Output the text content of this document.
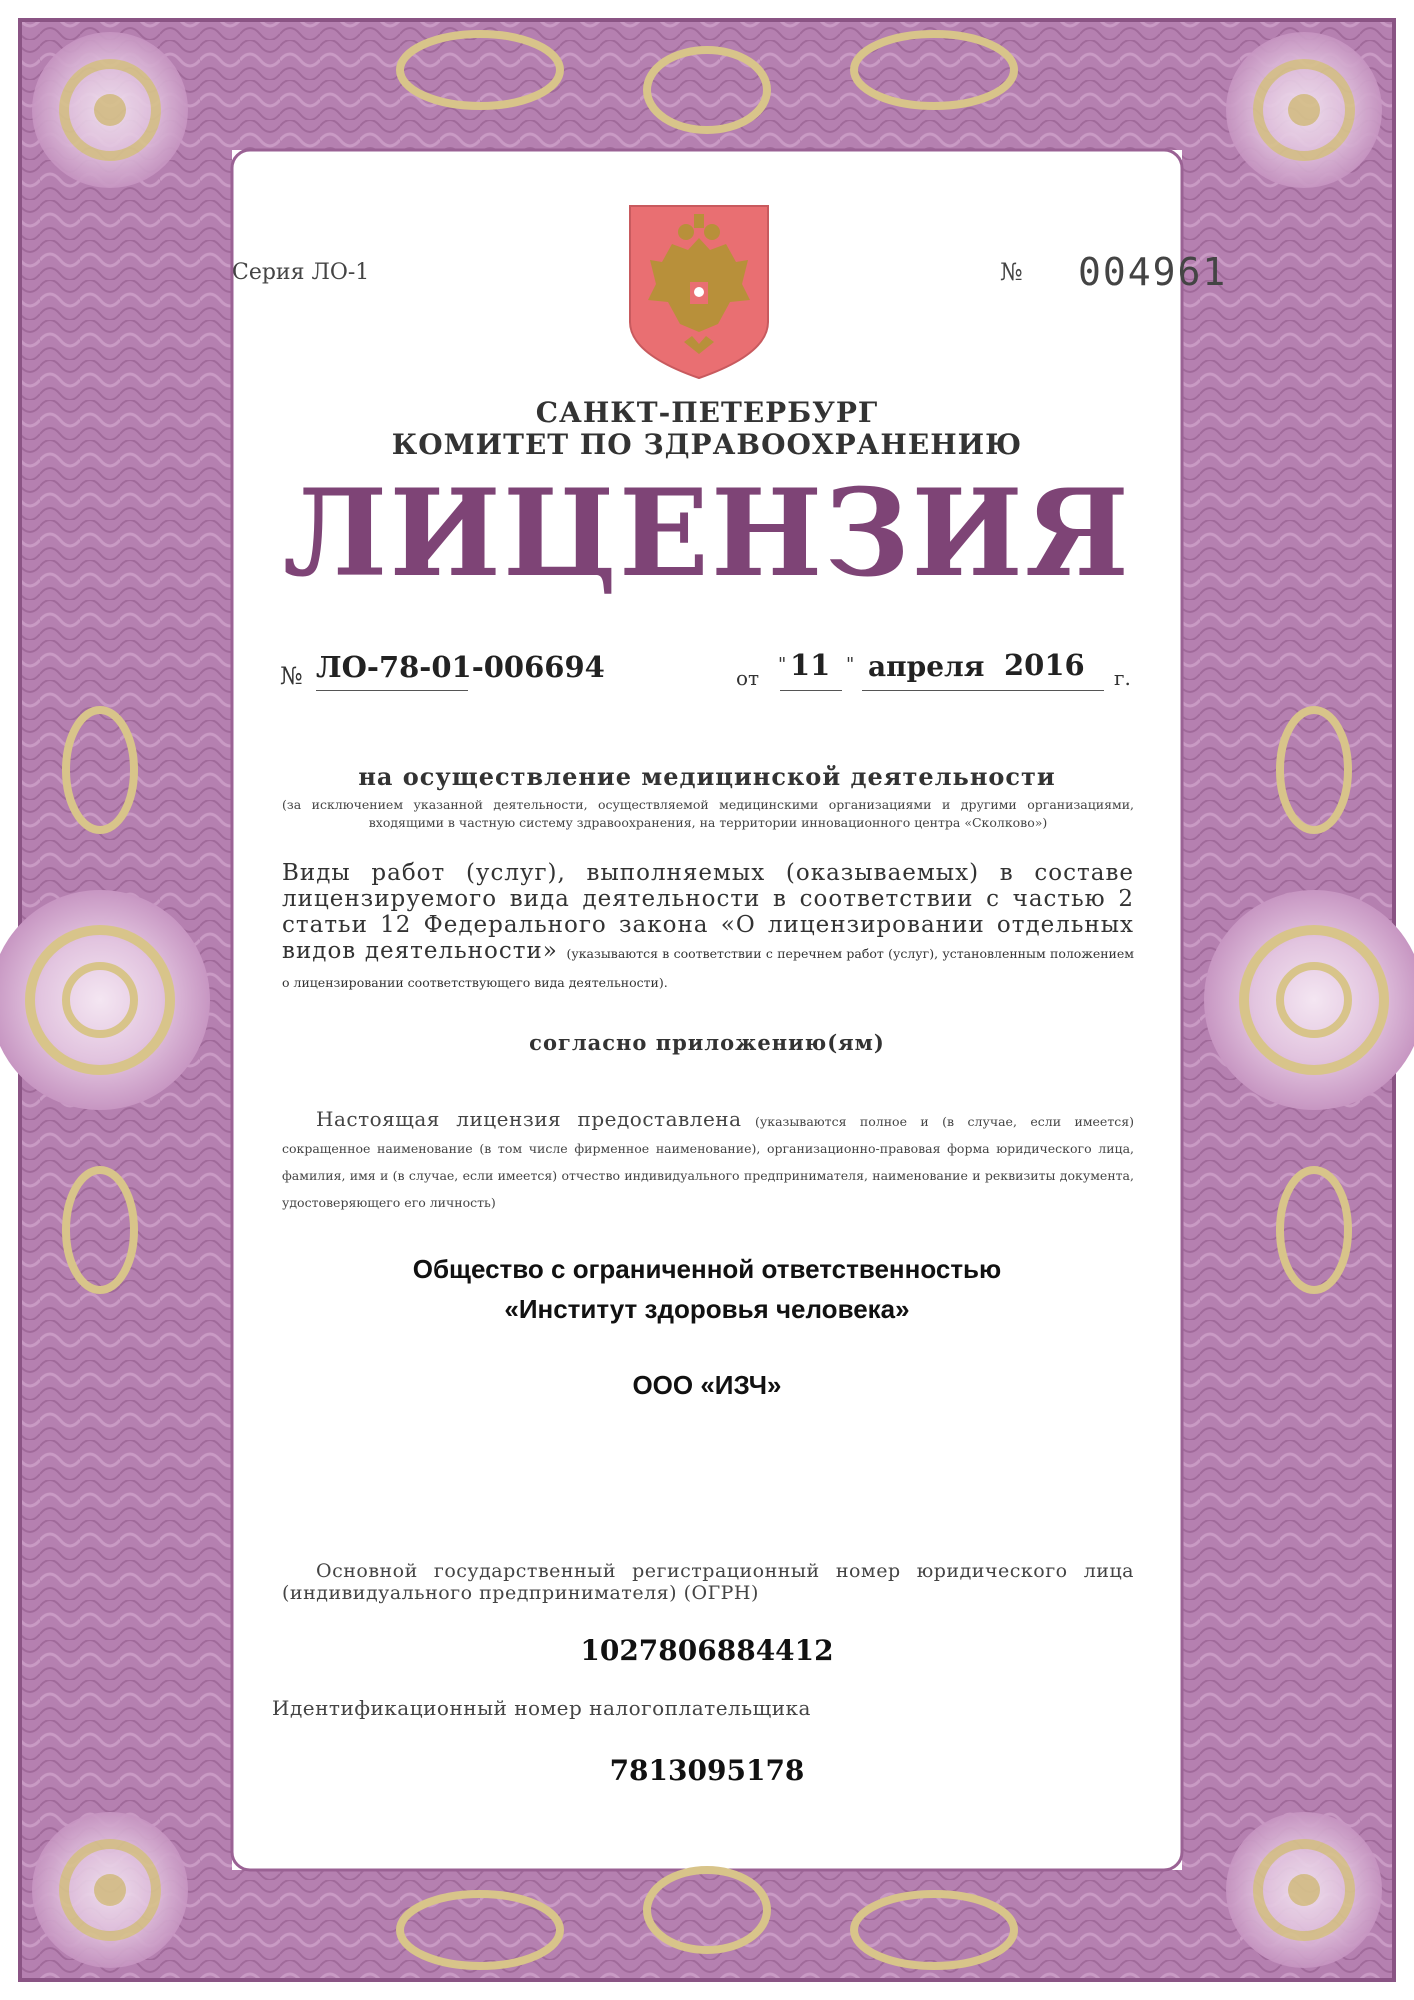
Серия ЛО-1	№ 004961

САНКТ-ПЕТЕРБУРГ

КОМИТЕТ ПО ЗДРАВООХРАНЕНИЮ

ЛИЦЕНЗИЯ

№ ЛО-78-01-006694	от

" 11 " апреля 2016 г.

на осуществление медицинской деятельности

(за исключением указанной деятельности, осуществляемой медицинскими организациями и другими организациями, входящими в частную систему здравоохранения, на территории инновационного центра «Сколково»)

Виды работ (услуг), выполняемых (оказываемых) в составе лицензируемого вида деятельности в соответствии с частью 2 статьи 12 Федерального закона «О лицензировании отдельных видов деятельности» (указываются в соответствии с перечнем работ (услуг), установленным положением о лицензировании соответствующего вида деятельности).

согласно приложению(ям)

Настоящая лицензия предоставлена (указываются полное и (в случае, если имеется) сокращенное наименование (в том числе фирменное наименование), организационно-правовая форма юридического лица, фамилия, имя и (в случае, если имеется) отчество индивидуального предпринимателя, наименование и реквизиты документа, удостоверяющего его личность)

Общество с ограниченной ответственностью

«Институт здоровья человека»

ООО «ИЗЧ»

Основной государственный регистрационный номер юридического лица (индивидуального предпринимателя) (ОГРН)

1027806884412

Идентификационный номер налогоплательщика

7813095178
